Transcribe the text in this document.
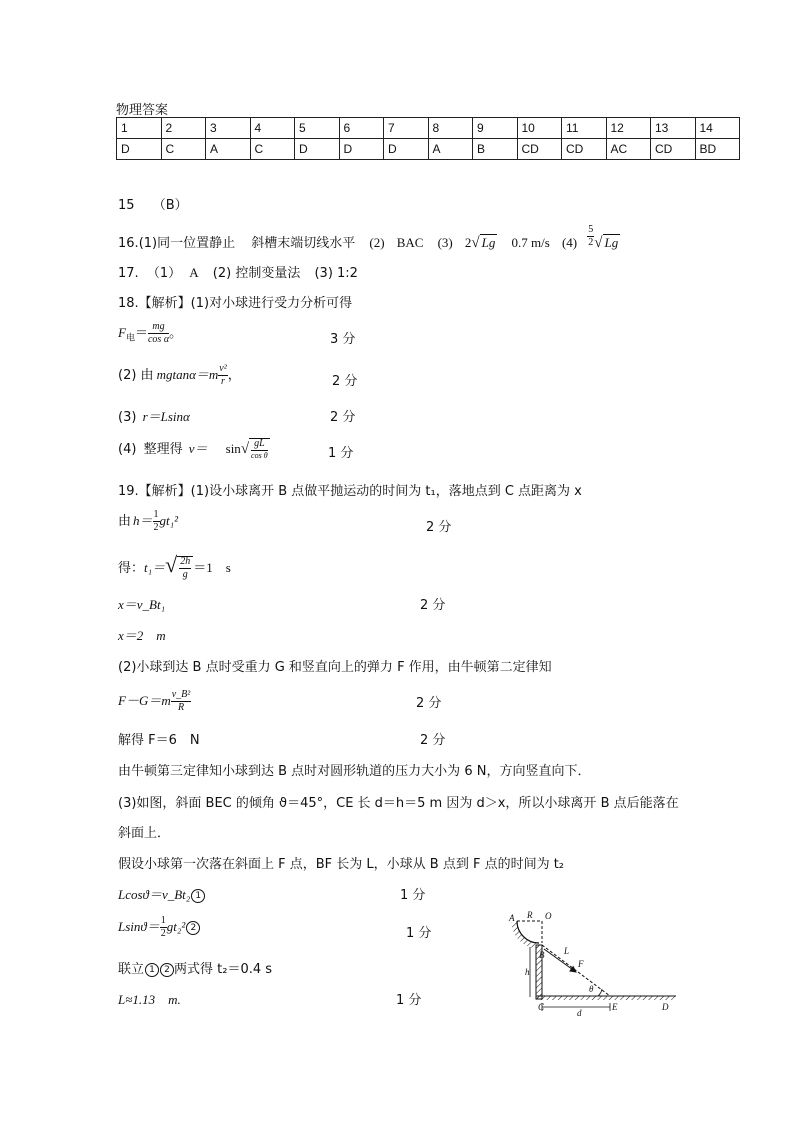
物理答案
1	2	3	4	5	6	7	8	9	10	11	12	13	14
D	C	A	C	D	D	D	A	B	CD	CD	AC	CD	BD
15 （B）
16.(1)同一位置静止 斜槽末端切线水平 (2) BAC (3) 2√ Lg 0.7 m/s $(4) \frac{5}{2}$ √ Lg
17. （1） A (2) 控制变量法 (3) 1:2
18.【解析】(1)对小球进行受力分析可得
$F_电= \frac{mg}{\text{cos α}}$ 。	3 分
(2) 由 $mgtan\alpha=m \frac{\text{v²}}{r}$ ，	2 分
(3) r＝Lsinα	2 分
(4) 整理得 $v= \sin√ \frac{gL}{\text{cos θ}}$	1 分
19.【解析】(1)设小球离开 B 点做平抛运动的时间为 t₁，落地点到 C 点距离为 x
由 $h= \frac{1}{2} gt_1^2$	2 分
得：$t_1=√ \frac{2h}{g} =1$　s
x＝v_Bt₁	2 分
x＝2　m
(2)小球到达 B 点时受重力 G 和竖直向上的弹力 F 作用，由牛顿第二定律知
$F-G=m \frac{\text{v\_B²}}{R}$	2 分
解得 F＝6　N	2 分
由牛顿第三定律知小球到达 B 点时对圆形轨道的压力大小为 6 N，方向竖直向下．
(3)如图，斜面 BEC 的倾角 ϑ＝45°，CE 长 d＝h＝5 m 因为 d＞x，所以小球离开 B 点后能落在
斜面上．
假设小球第一次落在斜面上 F 点，BF 长为 L，小球从 B 点到 F 点的时间为 t₂
Lcosϑ＝v_Bt₂ 1	1 分
$Lsinϑ= \frac{1}{2} gt_2^2$ 2	1 分
联立 1 2 两式得 t₂＝0.4 s
L≈1.13　m.	1 分
A R O
B L
F
h
θ
C
d
E	D
